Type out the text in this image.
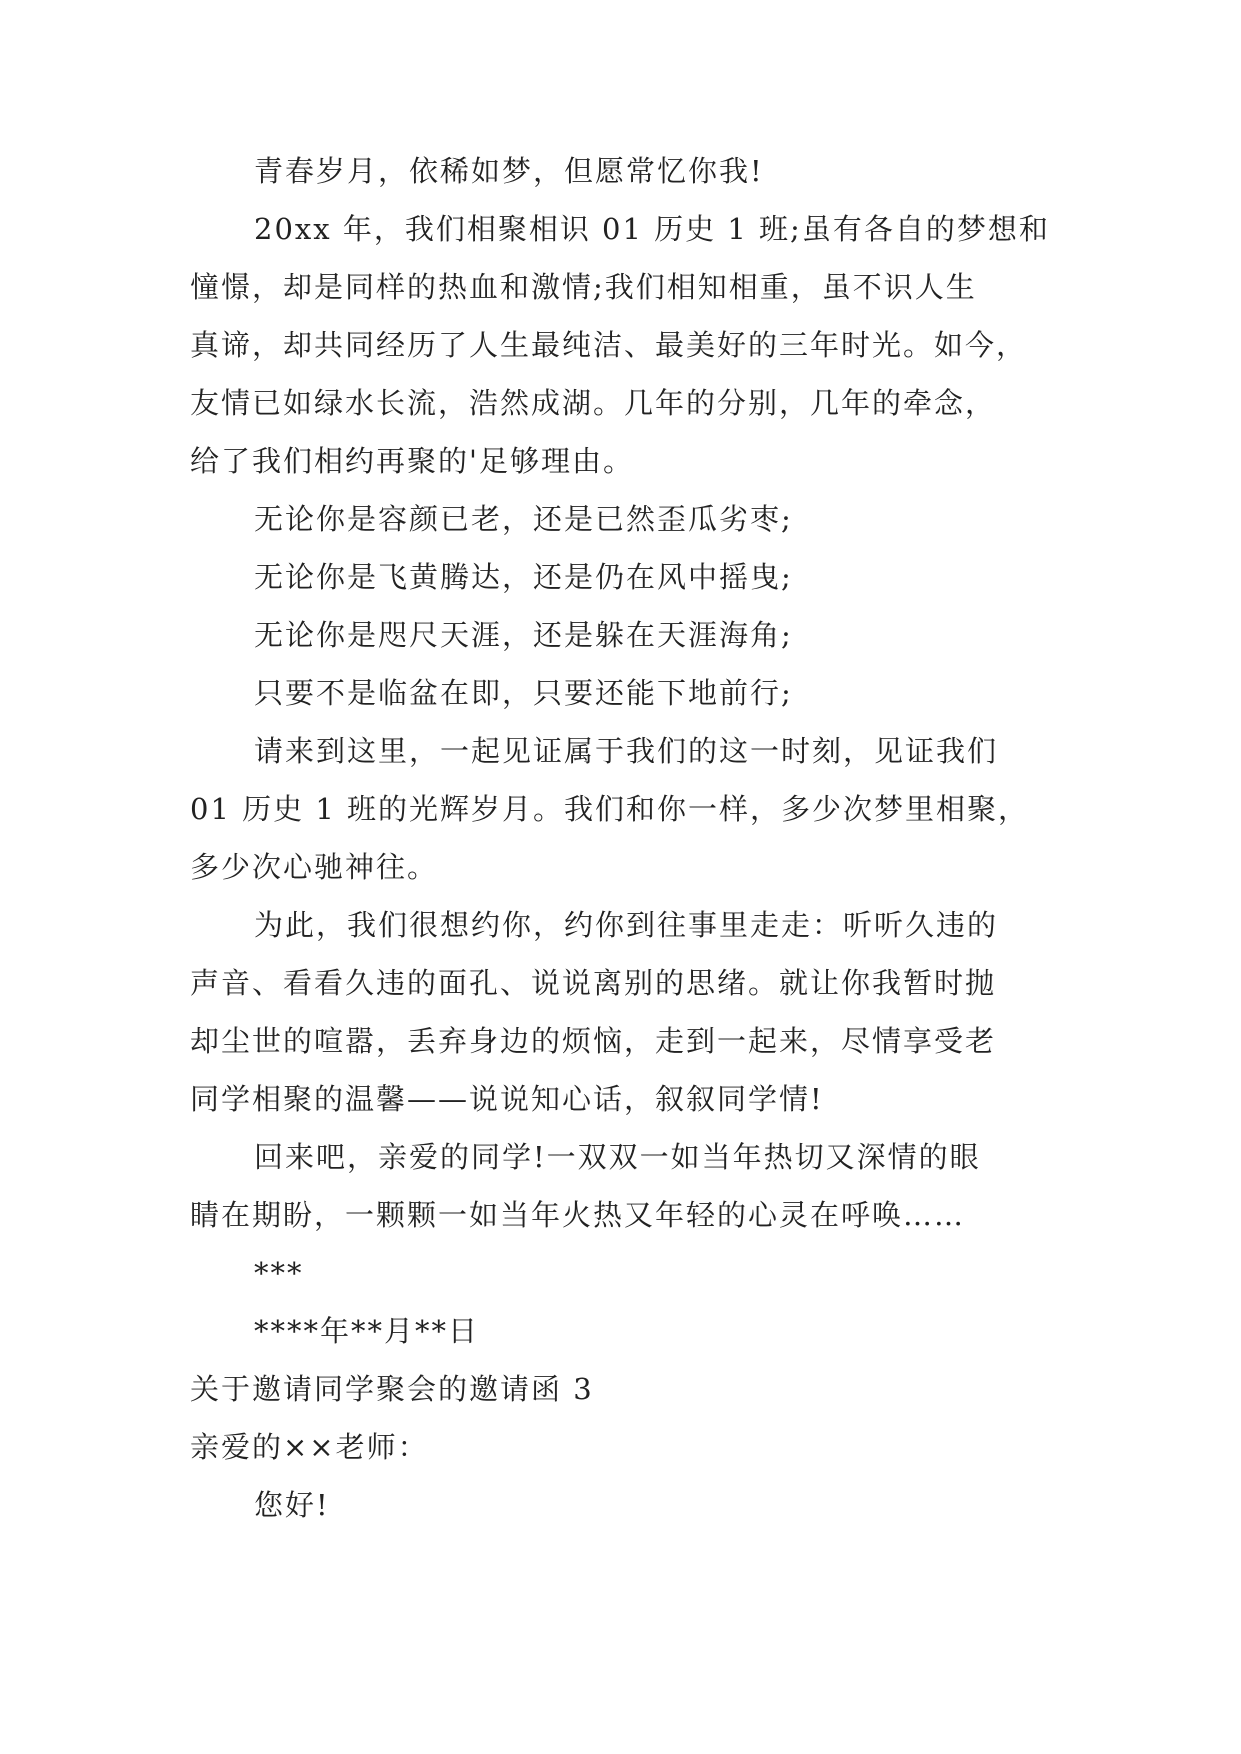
青春岁月，依稀如梦，但愿常忆你我!

20xx 年，我们相聚相识 01 历史 1 班;虽有各自的梦想和

憧憬，却是同样的热血和激情;我们相知相重，虽不识人生

真谛，却共同经历了人生最纯洁、最美好的三年时光。如今，

友情已如绿水长流，浩然成湖。几年的分别，几年的牵念，

给了我们相约再聚的'足够理由。

无论你是容颜已老，还是已然歪瓜劣枣;

无论你是飞黄腾达，还是仍在风中摇曳;

无论你是咫尺天涯，还是躲在天涯海角;

只要不是临盆在即，只要还能下地前行;

请来到这里，一起见证属于我们的这一时刻，见证我们

01 历史 1 班的光辉岁月。我们和你一样，多少次梦里相聚，

多少次心驰神往。

为此，我们很想约你，约你到往事里走走：听听久违的

声音、看看久违的面孔、说说离别的思绪。就让你我暂时抛

却尘世的喧嚣，丢弃身边的烦恼，走到一起来，尽情享受老

同学相聚的温馨——说说知心话，叙叙同学情!

回来吧，亲爱的同学!一双双一如当年热切又深情的眼

睛在期盼，一颗颗一如当年火热又年轻的心灵在呼唤……

***

****年**月**日

关于邀请同学聚会的邀请函 3

亲爱的××老师：

您好!
